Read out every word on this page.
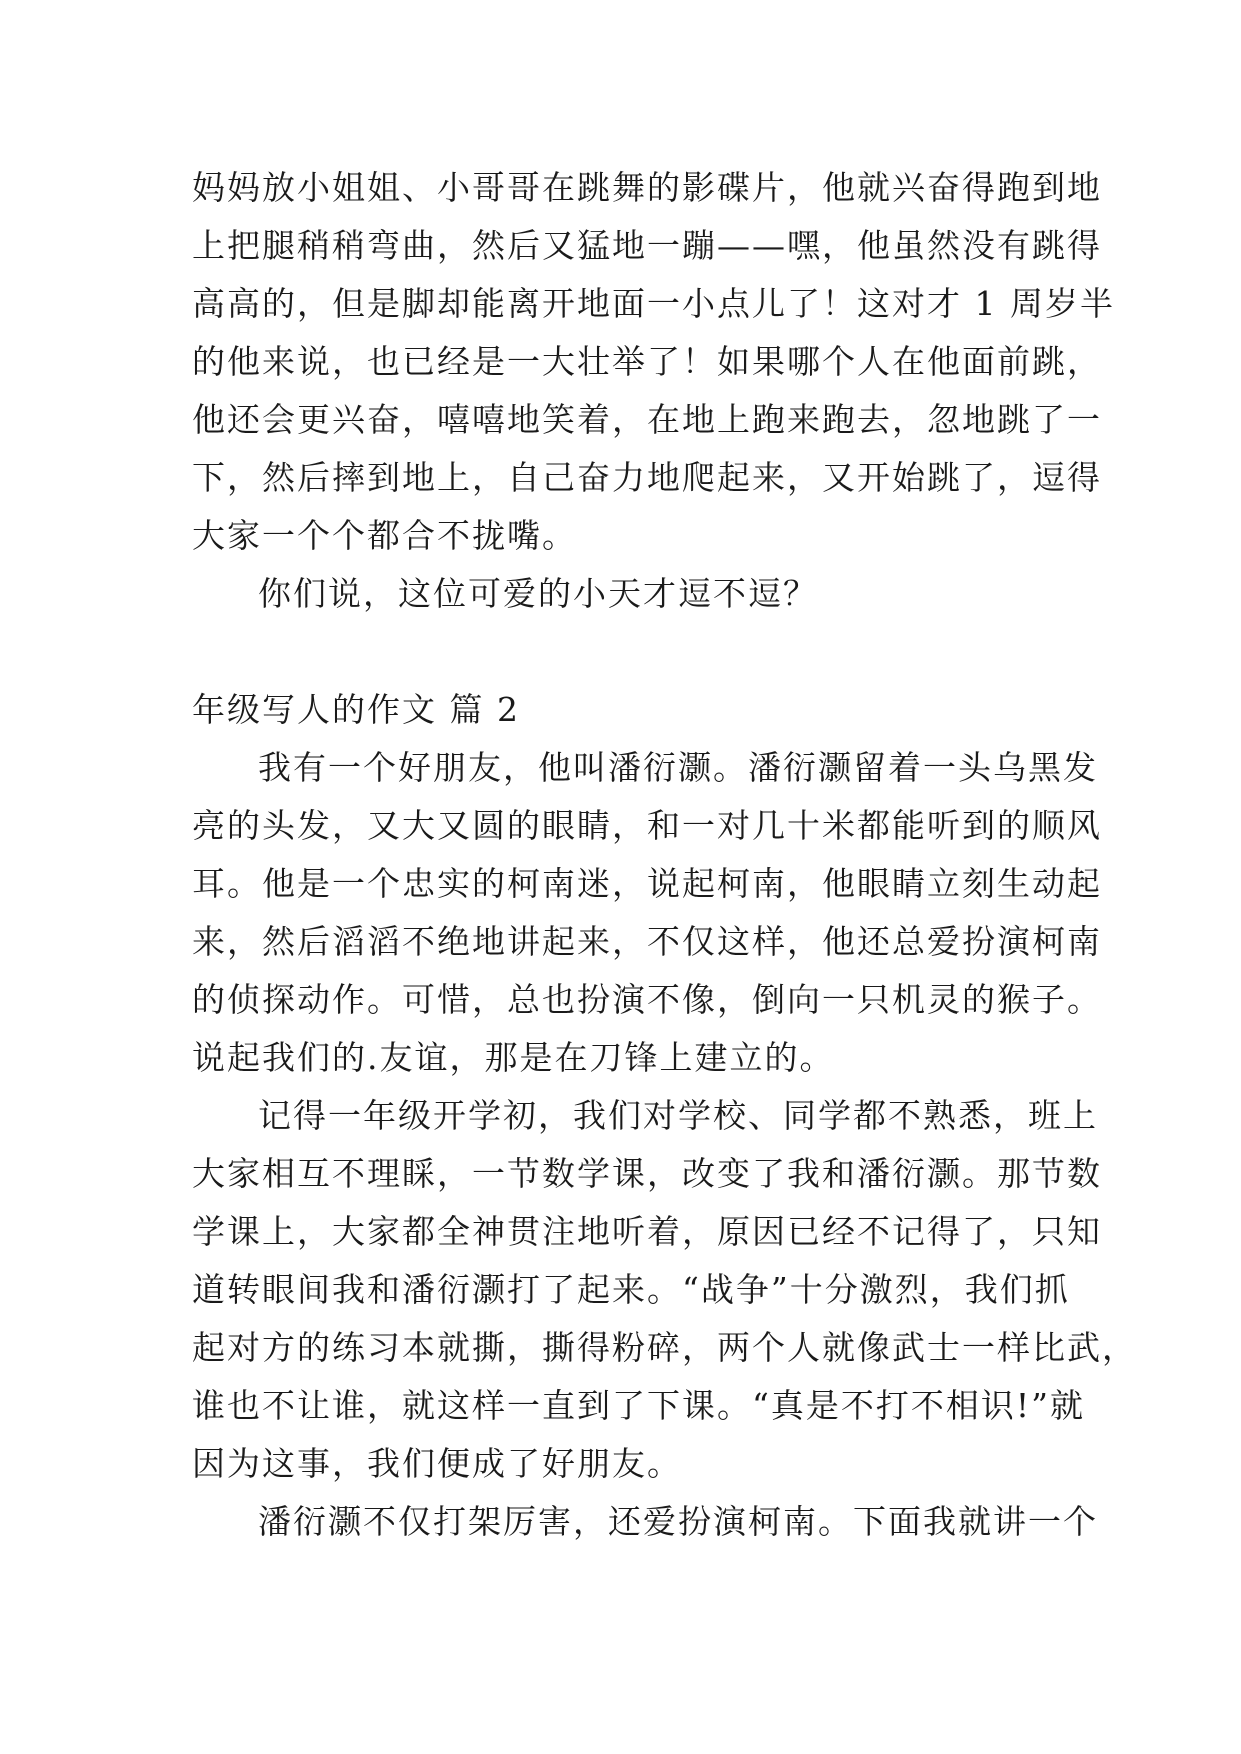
妈妈放小姐姐、小哥哥在跳舞的影碟片，他就兴奋得跑到地
上把腿稍稍弯曲，然后又猛地一蹦——嘿，他虽然没有跳得
高高的，但是脚却能离开地面一小点儿了！这对才 1 周岁半
的他来说，也已经是一大壮举了！如果哪个人在他面前跳，
他还会更兴奋，嘻嘻地笑着，在地上跑来跑去，忽地跳了一
下，然后摔到地上，自己奋力地爬起来，又开始跳了，逗得
大家一个个都合不拢嘴。
你们说，这位可爱的小天才逗不逗？
年级写人的作文 篇 2
我有一个好朋友，他叫潘衍灏。潘衍灏留着一头乌黑发
亮的头发，又大又圆的眼睛，和一对几十米都能听到的顺风
耳。他是一个忠实的柯南迷，说起柯南，他眼睛立刻生动起
来，然后滔滔不绝地讲起来，不仅这样，他还总爱扮演柯南
的侦探动作。可惜，总也扮演不像，倒向一只机灵的猴子。
说起我们的.友谊，那是在刀锋上建立的。
记得一年级开学初，我们对学校、同学都不熟悉，班上
大家相互不理睬，一节数学课，改变了我和潘衍灏。那节数
学课上，大家都全神贯注地听着，原因已经不记得了，只知
道转眼间我和潘衍灏打了起来。“战争”十分激烈，我们抓
起对方的练习本就撕，撕得粉碎，两个人就像武士一样比武，
谁也不让谁，就这样一直到了下课。“真是不打不相识!”就
因为这事，我们便成了好朋友。
潘衍灏不仅打架厉害，还爱扮演柯南。下面我就讲一个
